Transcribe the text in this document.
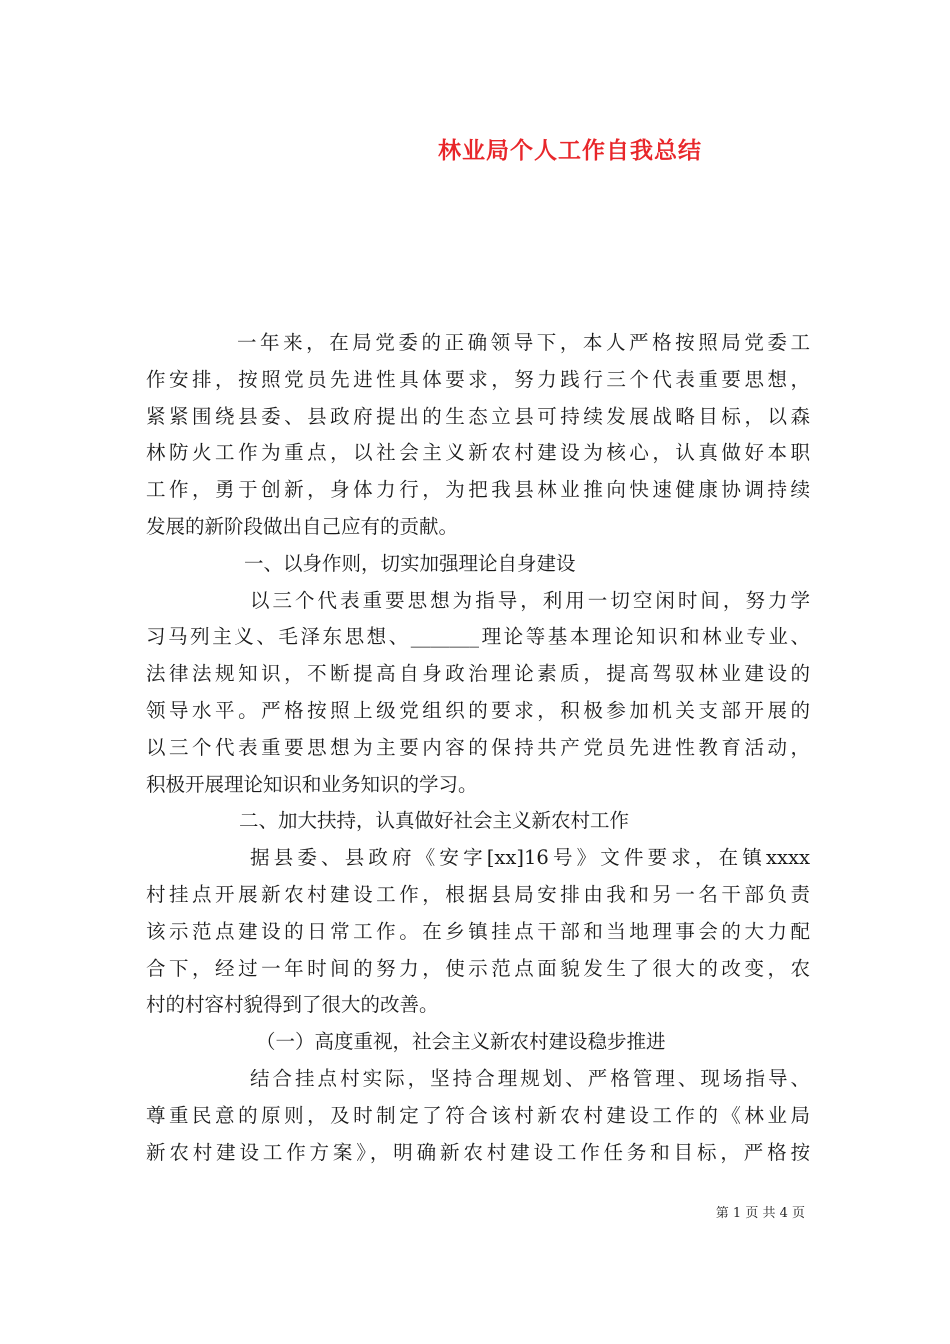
林业局个人工作自我总结
一年来，在局党委的正确领导下，本人严格按照局党委工
作安排，按照党员先进性具体要求，努力践行三个代表重要思想，
紧紧围绕县委、县政府提出的生态立县可持续发展战略目标，以森
林防火工作为重点，以社会主义新农村建设为核心，认真做好本职
工作，勇于创新，身体力行，为把我县林业推向快速健康协调持续
发展的新阶段做出自己应有的贡献。
一、以身作则，切实加强理论自身建设
以三个代表重要思想为指导，利用一切空闲时间，努力学
习马列主义、毛泽东思想、_______理论等基本理论知识和林业专业、
法律法规知识，不断提高自身政治理论素质，提高驾驭林业建设的
领导水平。严格按照上级党组织的要求，积极参加机关支部开展的
以三个代表重要思想为主要内容的保持共产党员先进性教育活动，
积极开展理论知识和业务知识的学习。
二、加大扶持，认真做好社会主义新农村工作
据县委、县政府《安字[xx]16号》文件要求，在镇xxxx
村挂点开展新农村建设工作，根据县局安排由我和另一名干部负责
该示范点建设的日常工作。在乡镇挂点干部和当地理事会的大力配
合下，经过一年时间的努力，使示范点面貌发生了很大的改变，农
村的村容村貌得到了很大的改善。
（一）高度重视，社会主义新农村建设稳步推进
结合挂点村实际，坚持合理规划、严格管理、现场指导、
尊重民意的原则，及时制定了符合该村新农村建设工作的《林业局
新农村建设工作方案》，明确新农村建设工作任务和目标，严格按
第 1 页 共 4 页
